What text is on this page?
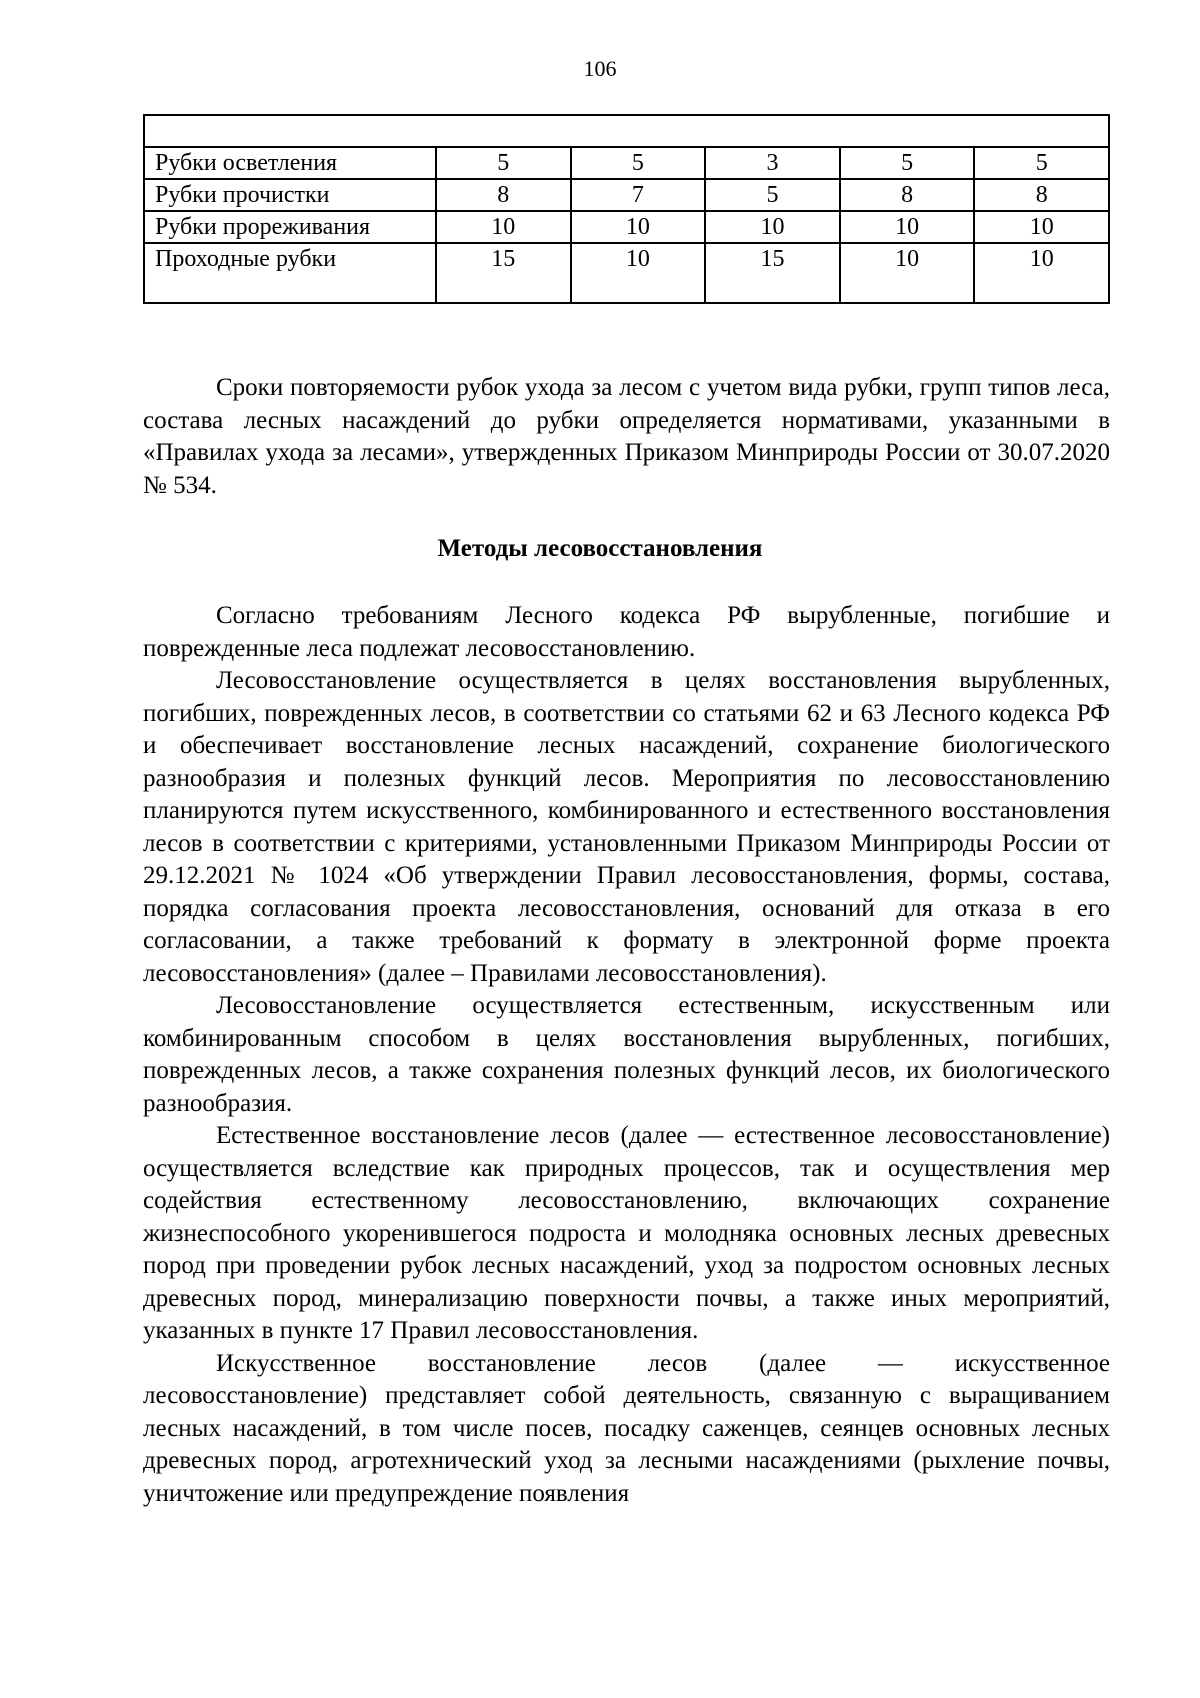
106

Рубки осветления	5	5	3	5	5
Рубки прочистки	8	7	5	8	8
Рубки прореживания	10	10	10	10	10
Проходные рубки	15	10	15	10	10

Сроки повторяемости рубок ухода за лесом с учетом вида рубки, групп типов леса, состава лесных насаждений до рубки определяется нормативами, указанными в «Правилах ухода за лесами», утвержденных Приказом Минприроды России от 30.07.2020 № 534.

Методы лесовосстановления

Согласно требованиям Лесного кодекса РФ вырубленные, погибшие и поврежденные леса подлежат лесовосстановлению.

Лесовосстановление осуществляется в целях восстановления вырубленных, погибших, поврежденных лесов, в соответствии со статьями 62 и 63 Лесного кодекса РФ и обеспечивает восстановление лесных насаждений, сохранение биологического разнообразия и полезных функций лесов. Мероприятия по лесовосстановлению планируются путем искусственного, комбинированного и естественного восстановления лесов в соответствии с критериями, установленными Приказом Минприроды России от 29.12.2021 № 1024 «Об утверждении Правил лесовосстановления, формы, состава, порядка согласования проекта лесовосстановления, оснований для отказа в его согласовании, а также требований к формату в электронной форме проекта лесовосстановления» (далее – Правилами лесовосстановления).

Лесовосстановление осуществляется естественным, искусственным или комбинированным способом в целях восстановления вырубленных, погибших, поврежденных лесов, а также сохранения полезных функций лесов, их биологического разнообразия.

Естественное восстановление лесов (далее — естественное лесовосстановление) осуществляется вследствие как природных процессов, так и осуществления мер содействия естественному лесовосстановлению, включающих сохранение жизнеспособного укоренившегося подроста и молодняка основных лесных древесных пород при проведении рубок лесных насаждений, уход за подростом основных лесных древесных пород, минерализацию поверхности почвы, а также иных мероприятий, указанных в пункте 17 Правил лесовосстановления.

Искусственное восстановление лесов (далее — искусственное лесовосстановление) представляет собой деятельность, связанную с выращиванием лесных насаждений, в том числе посев, посадку саженцев, сеянцев основных лесных древесных пород, агротехнический уход за лесными насаждениями (рыхление почвы, уничтожение или предупреждение появления
